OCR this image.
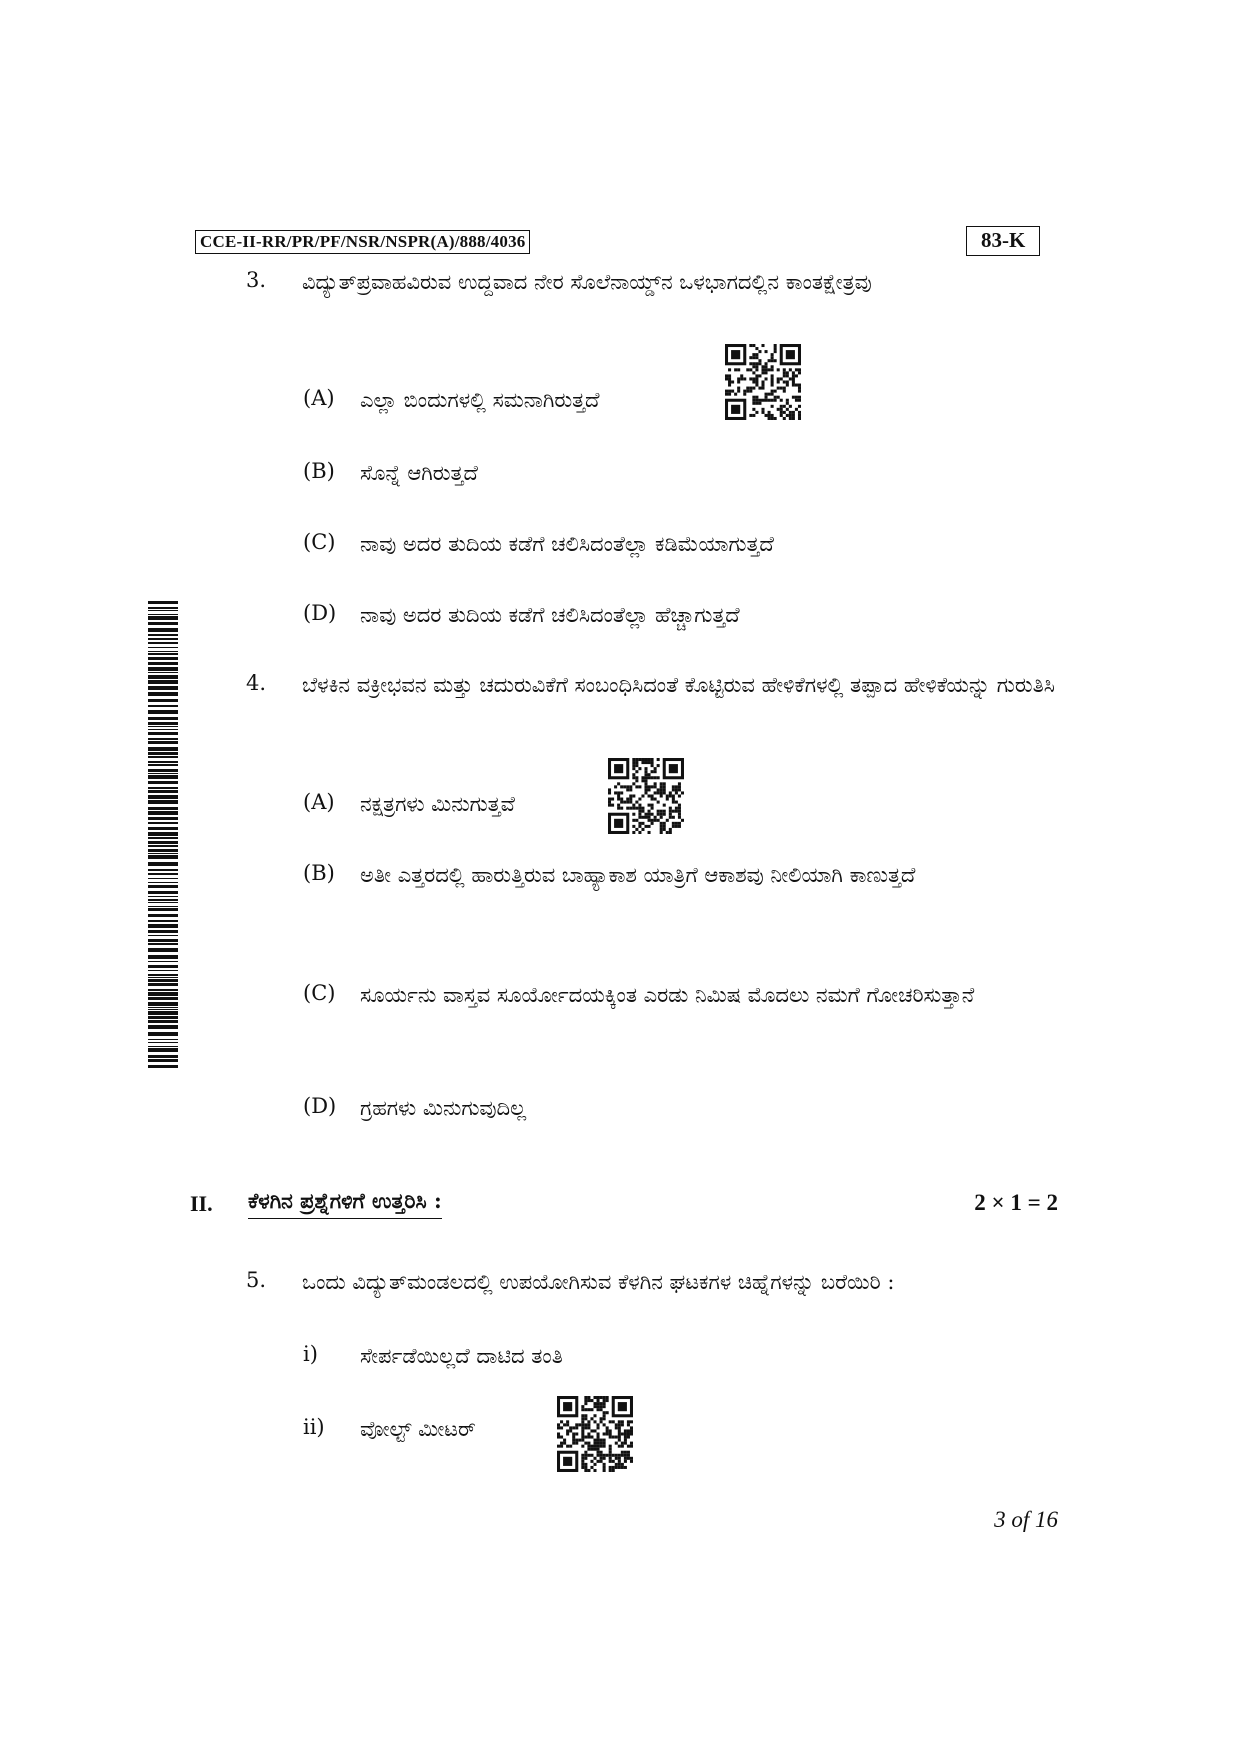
CCE-II-RR/PR/PF/NSR/NSPR(A)/888/4036	83-K
3. ವಿದ್ಯುತ್‌ಪ್ರವಾಹವಿರುವ ಉದ್ದವಾದ ನೇರ ಸೊಲೆನಾಯ್ಡ್‌ನ ಒಳಭಾಗದಲ್ಲಿನ ಕಾಂತಕ್ಷೇತ್ರವು
(A) ಎಲ್ಲಾ ಬಿಂದುಗಳಲ್ಲಿ ಸಮನಾಗಿರುತ್ತದೆ
(B) ಸೊನ್ನೆ ಆಗಿರುತ್ತದೆ
(C) ನಾವು ಅದರ ತುದಿಯ ಕಡೆಗೆ ಚಲಿಸಿದಂತೆಲ್ಲಾ ಕಡಿಮೆಯಾಗುತ್ತದೆ
(D) ನಾವು ಅದರ ತುದಿಯ ಕಡೆಗೆ ಚಲಿಸಿದಂತೆಲ್ಲಾ ಹೆಚ್ಚಾಗುತ್ತದೆ
4. ಬೆಳಕಿನ ವಕ್ರೀಭವನ ಮತ್ತು ಚದುರುವಿಕೆಗೆ ಸಂಬಂಧಿಸಿದಂತೆ ಕೊಟ್ಟಿರುವ ಹೇಳಿಕೆಗಳಲ್ಲಿ ತಪ್ಪಾದ ಹೇಳಿಕೆಯನ್ನು ಗುರುತಿಸಿ
(A) ನಕ್ಷತ್ರಗಳು ಮಿನುಗುತ್ತವೆ
(B) ಅತೀ ಎತ್ತರದಲ್ಲಿ ಹಾರುತ್ತಿರುವ ಬಾಹ್ಯಾಕಾಶ ಯಾತ್ರಿಗೆ ಆಕಾಶವು ನೀಲಿಯಾಗಿ ಕಾಣುತ್ತದೆ
(C) ಸೂರ್ಯನು ವಾಸ್ತವ ಸೂರ್ಯೋದಯಕ್ಕಿಂತ ಎರಡು ನಿಮಿಷ ಮೊದಲು ನಮಗೆ ಗೋಚರಿಸುತ್ತಾನೆ
(D) ಗ್ರಹಗಳು ಮಿನುಗುವುದಿಲ್ಲ
II. ಕೆಳಗಿನ ಪ್ರಶ್ನೆಗಳಿಗೆ ಉತ್ತರಿಸಿ :	2 × 1 = 2
5. ಒಂದು ವಿದ್ಯುತ್‌ಮಂಡಲದಲ್ಲಿ ಉಪಯೋಗಿಸುವ ಕೆಳಗಿನ ಘಟಕಗಳ ಚಿಹ್ನೆಗಳನ್ನು ಬರೆಯಿರಿ :
i) ಸೇರ್ಪಡೆಯಿಲ್ಲದೆ ದಾಟಿದ ತಂತಿ
ii) ವೋಲ್ಟ್ ಮೀಟರ್
3 of 16
